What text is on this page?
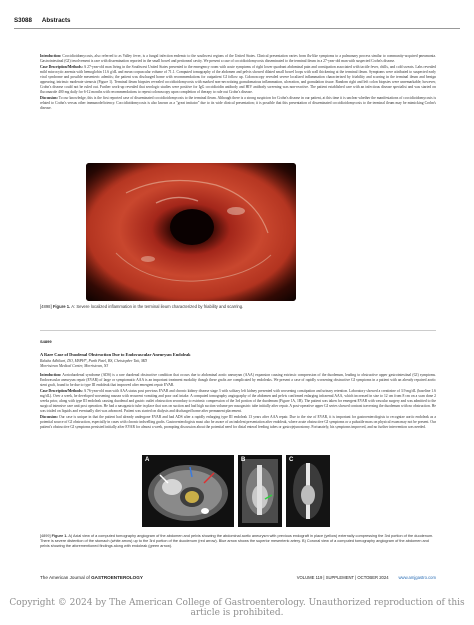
S3088 Abstracts

Introduction: Coccidioidomycosis, also referred to as Valley fever, is a fungal infection endemic to the southwest regions of the United States. Clinical presentation varies from flu-like symptoms to a pulmonary process similar to community-acquired pneumonia. Gastrointestinal (GI) involvement is rare with dissemination reported in the small bowel and peritoneal cavity. We present a case of coccidioidomycosis disseminated to the terminal ileum in a 27-year-old man with suspected Crohn's disease.

Case Description/Methods: A 27-year-old man living in the Southwest United States presented to the emergency room with acute symptoms of right lower quadrant abdominal pain and constipation associated with tactile fever, chills, and cold sweats. Labs revealed mild microcytic anemia with hemoglobin 11.6 g/dL and mean corpuscular volume of 71.1. Computed tomography of the abdomen and pelvis showed dilated small bowel loops with wall thickening at the terminal ileum. Symptoms were attributed to suspected early viral syndrome and possible mesenteric adenitis; the patient was discharged home with recommendations for outpatient GI follow up. Colonoscopy revealed severe localized inflammation characterized by friability and scarring in the terminal ileum and benign appearing, intrinsic moderate stenosis (Figure 1). Terminal ileum biopsies revealed coccidioidomycosis with marked non-necrotizing granulomatous inflammation, ulceration, and granulation tissue. Random right and left colon biopsies were unremarkable; however, Crohn's disease could not be ruled out. Further work-up revealed that serologic studies were positive for IgG coccidioidin antibody and HIV antibody screening was non-reactive. The patient established care with an infectious disease specialist and was started on fluconazole 400 mg daily for 6-12 months with recommendations to repeat colonoscopy upon completion of therapy to rule out Crohn's disease.

Discussion: To our knowledge, this is the first reported case of disseminated coccidioidomycosis to the terminal ileum. Although there is a strong suspicion for Crohn's disease in our patient, at this time it is unclear whether the manifestations of coccidioidomycosis is related to Crohn's versus other immunodeficiency. Coccidioidomycosis is also known as a "great imitator" due to its wide clinical presentation; it is possible that this presentation of disseminated coccidioidomycosis to the terminal ileum may be mimicking Crohn's disease.

[4898] Figure 1. A: Severe localized inflammation in the terminal ileum characterized by friability and scarring.
S4899
A Rare Case of Duodenal Obstruction Due to Endovascular Aneurysm Endoleak
Raksha Adhikari, DO, MSPH*, Parth Patel, BS, Christopher Tait, MD
Morristown Medical Center, Morristown, NJ

Introduction: Aortoduodenal syndrome (ADS) is a rare duodenal obstructive condition that occurs due to abdominal aortic aneurysm (AAA) expansion causing extrinsic compression of the duodenum, leading to obstructive upper gastrointestinal (GI) symptoms. Endovascular aneurysm repair (EVAR) of large or symptomatic AAA is an important treatment modality though these grafts are complicated by endoleaks. We present a case of rapidly worsening obstructive GI symptoms in a patient with an already repaired aortic stent graft, found to be due to type III endoleak that improved after emergent repair EVAR.

Case Description/Methods: A 76-year-old man with AAA status post previous EVAR and chronic kidney disease stage 3 with solitary left kidney presented with worsening constipation and urinary retention. Laboratory showed a creatinine of 3.9 mg/dL (baseline 1.6 mg/dL). Over a week, he developed worsening nausea with recurrent vomiting and poor oral intake. A computed tomography angiography of the abdomen and pelvis confirmed enlarging infrarenal AAA, which increased in size to 12 cm from 8 cm on a scan done 2 weeks prior, along with type III endoleak causing duodenal and gastric outlet obstruction secondary to extrinsic compression of the 3rd portion of the duodenum (Figure 1A, 1B). The patient was taken for emergent EVAR with vascular surgery and was admitted to the surgical intensive care unit post operation. He had a nasogastric tube in place that was on suction and had high suction volume per nasogastric tube initially after repair. A post-operative upper GI series showed contrast traversing the duodenum with no obstruction. He was trialed on liquids and eventually diet was advanced. Patient was started on dialysis and discharged home after permanent placement.

Discussion: Our case is unique in that the patient had already undergone EVAR and had ADS after a rapidly enlarging type III endoleak 13 years after AAA repair. Due to the rise of EVAR, it is important for gastroenterologists to recognize aortic endoleak as a potential source of GI obstruction, especially in cases with chronic indwelling grafts. Gastroenterologists must also be aware of an indolent presentation after endoleak, where acute obstructive GI symptoms or a pulsatile mass on physical exam may not be present. Our patient's obstructive GI symptoms persisted initially after EVAR for almost a week, prompting discussion about the potential need for distal enteral feeding tubes or gastrojejunostomy. Fortunately, his symptoms improved, and no further intervention was needed.

A	B	C
[4899] Figure 1. A) Axial view of a computed tomography angiogram of the abdomen and pelvis showing the abdominal aortic aneurysm with previous endograft in place (yellow) externally compressing the 3rd portion of the duodenum. There is severe distention of the stomach (white arrow) up to the 3rd portion of the duodenum (red arrow). Blue arrow shows the superior mesenteric artery. B) Coronal view of a computed tomography angiogram of the abdomen and pelvis showing the aforementioned findings along with endoleak (green arrow).
The American Journal of GASTROENTEROLOGY	VOLUME 119 | SUPPLEMENT | OCTOBER 2024 www.amjgastro.com
Copyright © 2024 by The American College of Gastroenterology. Unauthorized reproduction of this article is prohibited.
